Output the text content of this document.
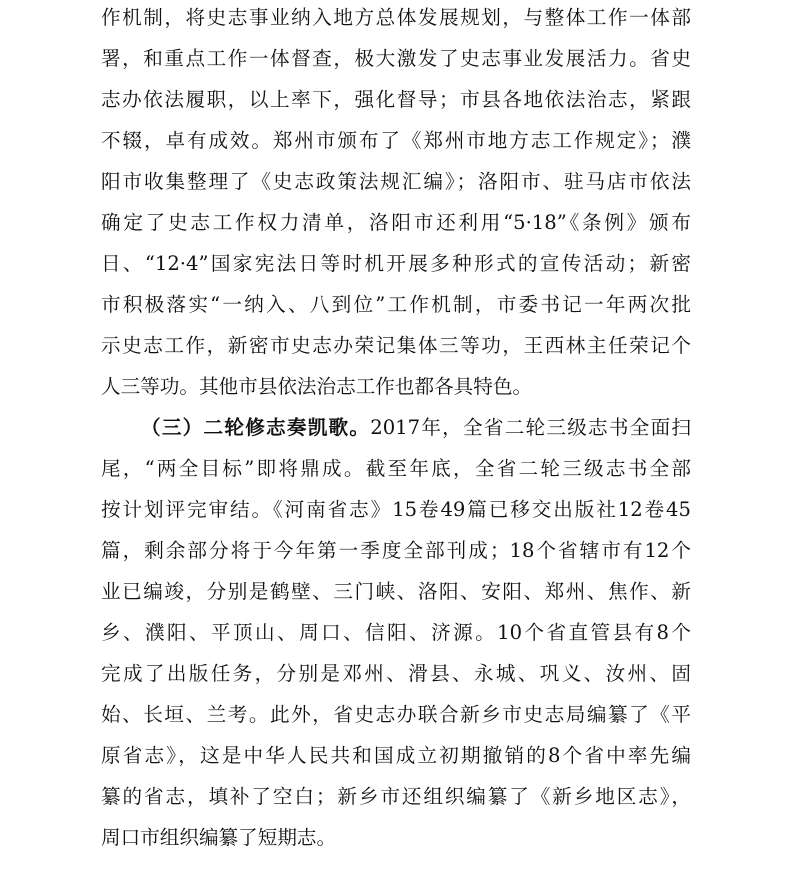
作机制，将史志事业纳入地方总体发展规划，与整体工作一体部
署，和重点工作一体督查，极大激发了史志事业发展活力。省史
志办依法履职，以上率下，强化督导；市县各地依法治志，紧跟
不辍，卓有成效。郑州市颁布了《郑州市地方志工作规定》；濮
阳市收集整理了《史志政策法规汇编》；洛阳市、驻马店市依法
确定了史志工作权力清单，洛阳市还利用“5·18”《条例》颁布
日、“12·4”国家宪法日等时机开展多种形式的宣传活动；新密
市积极落实“一纳入、八到位”工作机制，市委书记一年两次批
示史志工作，新密市史志办荣记集体三等功，王西林主任荣记个
人三等功。其他市县依法治志工作也都各具特色。
（三）二轮修志奏凯歌。2017年，全省二轮三级志书全面扫
尾，“两全目标”即将鼎成。截至年底，全省二轮三级志书全部
按计划评完审结。《河南省志》15卷49篇已移交出版社12卷45
篇，剩余部分将于今年第一季度全部刊成；18个省辖市有12个
业已编竣，分别是鹤壁、三门峡、洛阳、安阳、郑州、焦作、新
乡、濮阳、平顶山、周口、信阳、济源。10个省直管县有8个
完成了出版任务，分别是邓州、滑县、永城、巩义、汝州、固
始、长垣、兰考。此外，省史志办联合新乡市史志局编纂了《平
原省志》，这是中华人民共和国成立初期撤销的8个省中率先编
纂的省志，填补了空白；新乡市还组织编纂了《新乡地区志》，
周口市组织编纂了短期志。
